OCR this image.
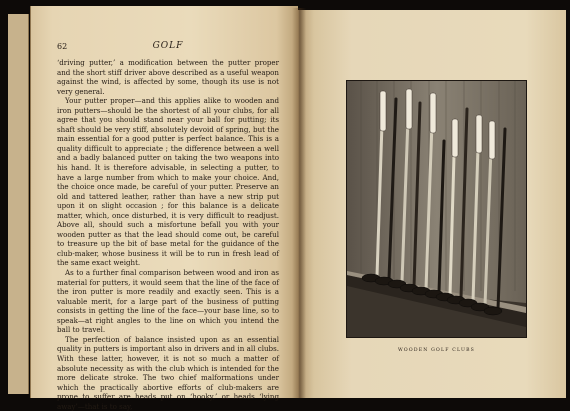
62	GOLF

‘driving putter,’ a modification between the putter proper and the short stiff driver above described as a useful weapon against the wind, is affected by some, though its use is not very general.

Your putter proper—and this applies alike to wooden and iron putters—should be the shortest of all your clubs, for all agree that you should stand near your ball for putting; its shaft should be very stiff, absolutely devoid of spring, but the main essential for a good putter is perfect balance. This is a quality difficult to appreciate ; the difference between a well and a badly balanced putter on taking the two weapons into his hand. It is therefore advisable, in selecting a putter, to have a large number from which to make your choice. And, the choice once made, be careful of your putter. Preserve an old and tattered leather, rather than have a new strip put upon it on slight occasion ; for this balance is a delicate matter, which, once disturbed, it is very difficult to readjust. Above all, should such a misfortune befall you with your wooden putter as that the lead should come out, be careful to treasure up the bit of base metal for the guidance of the club-maker, whose business it will be to run in fresh lead of the same exact weight.

As to a further final comparison between wood and iron as material for putters, it would seem that the line of the face of the iron putter is more readily and exactly seen. This is a valuable merit, for a large part of the business of putting consists in getting the line of the face—your base line, so to speak—at right angles to the line on which you intend the ball to travel.

The perfection of balance insisted upon as an essential quality in putters is important also in drivers and in all clubs. With these latter, however, it is not so much a matter of absolute necessity as with the club which is intended for the more delicate stroke. The two chief malformations under which the practically abortive efforts of club-makers are prone to suffer are heads put on ‘hooky,’ or heads ‘lying away’—that is to say,

WOODEN GOLF CLUBS
